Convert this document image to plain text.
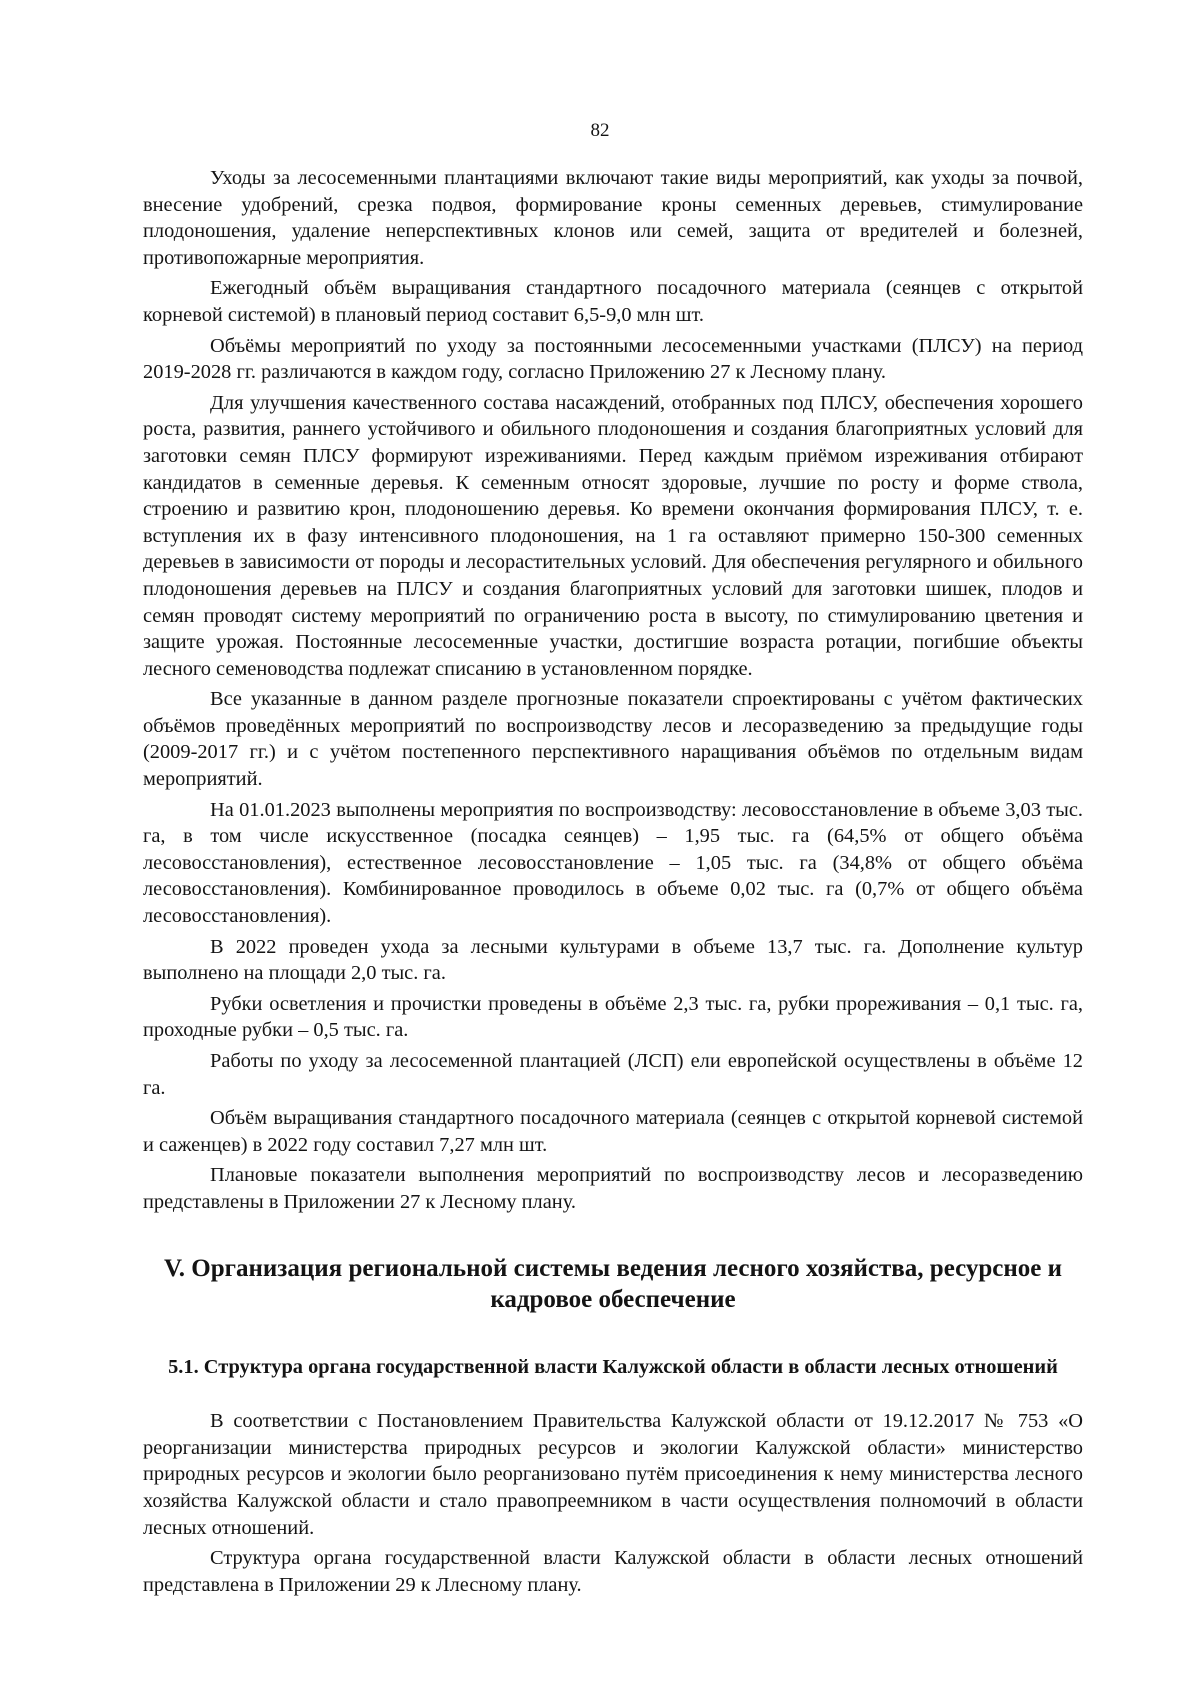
82

Уходы за лесосеменными плантациями включают такие виды мероприятий, как уходы за почвой, внесение удобрений, срезка подвоя, формирование кроны семенных деревьев, стимулирование плодоношения, удаление неперспективных клонов или семей, защита от вредителей и болезней, противопожарные мероприятия.

Ежегодный объём выращивания стандартного посадочного материала (сеянцев с открытой корневой системой) в плановый период составит 6,5-9,0 млн шт.

Объёмы мероприятий по уходу за постоянными лесосеменными участками (ПЛСУ) на период 2019-2028 гг. различаются в каждом году, согласно Приложению 27 к Лесному плану.

Для улучшения качественного состава насаждений, отобранных под ПЛСУ, обеспечения хорошего роста, развития, раннего устойчивого и обильного плодоношения и создания благоприятных условий для заготовки семян ПЛСУ формируют изреживаниями. Перед каждым приёмом изреживания отбирают кандидатов в семенные деревья. К семенным относят здоровые, лучшие по росту и форме ствола, строению и развитию крон, плодоношению деревья. Ко времени окончания формирования ПЛСУ, т. е. вступления их в фазу интенсивного плодоношения, на 1 га оставляют примерно 150-300 семенных деревьев в зависимости от породы и лесорастительных условий. Для обеспечения регулярного и обильного плодоношения деревьев на ПЛСУ и создания благоприятных условий для заготовки шишек, плодов и семян проводят систему мероприятий по ограничению роста в высоту, по стимулированию цветения и защите урожая. Постоянные лесосеменные участки, достигшие возраста ротации, погибшие объекты лесного семеноводства подлежат списанию в установленном порядке.

Все указанные в данном разделе прогнозные показатели спроектированы с учётом фактических объёмов проведённых мероприятий по воспроизводству лесов и лесоразведению за предыдущие годы (2009-2017 гг.) и с учётом постепенного перспективного наращивания объёмов по отдельным видам мероприятий.

На 01.01.2023 выполнены мероприятия по воспроизводству: лесовосстановление в объеме 3,03 тыс. га, в том числе искусственное (посадка сеянцев) – 1,95 тыс. га (64,5% от общего объёма лесовосстановления), естественное лесовосстановление – 1,05 тыс. га (34,8% от общего объёма лесовосстановления). Комбинированное проводилось в объеме 0,02 тыс. га (0,7% от общего объёма лесовосстановления).

В 2022 проведен ухода за лесными культурами в объеме 13,7 тыс. га. Дополнение культур выполнено на площади 2,0 тыс. га.

Рубки осветления и прочистки проведены в объёме 2,3 тыс. га, рубки прореживания – 0,1 тыс. га, проходные рубки – 0,5 тыс. га.

Работы по уходу за лесосеменной плантацией (ЛСП) ели европейской осуществлены в объёме 12 га.

Объём выращивания стандартного посадочного материала (сеянцев с открытой корневой системой и саженцев) в 2022 году составил 7,27 млн шт.

Плановые показатели выполнения мероприятий по воспроизводству лесов и лесоразведению представлены в Приложении 27 к Лесному плану.

V. Организация региональной системы ведения лесного хозяйства, ресурсное и кадровое обеспечение
5.1. Структура органа государственной власти Калужской области в области лесных отношений

В соответствии с Постановлением Правительства Калужской области от 19.12.2017 № 753 «О реорганизации министерства природных ресурсов и экологии Калужской области» министерство природных ресурсов и экологии было реорганизовано путём присоединения к нему министерства лесного хозяйства Калужской области и стало правопреемником в части осуществления полномочий в области лесных отношений.

Структура органа государственной власти Калужской области в области лесных отношений представлена в Приложении 29 к Ллесному плану.
